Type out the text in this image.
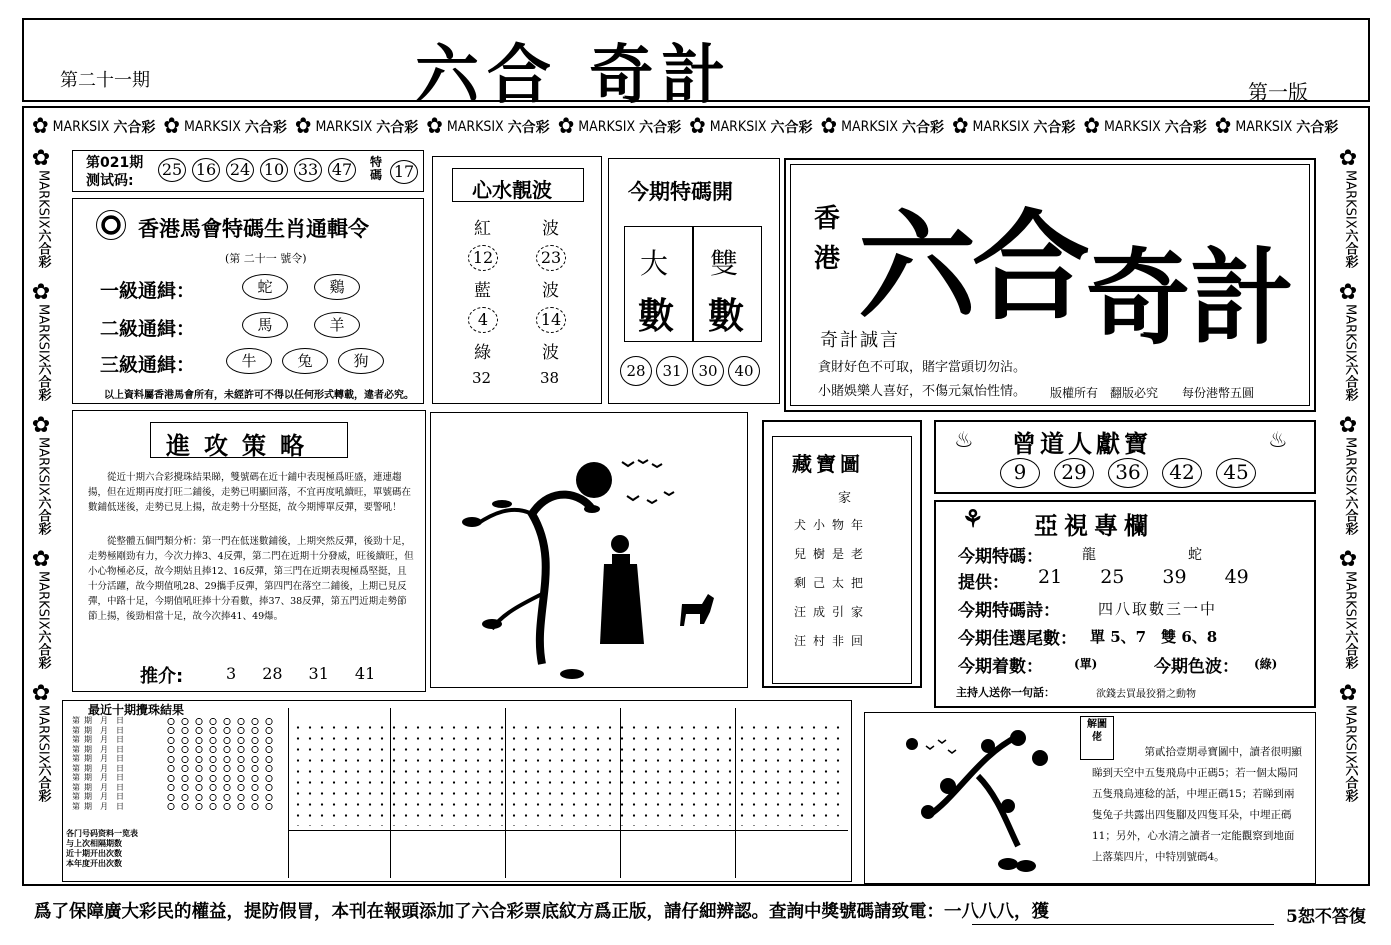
第二十一期	六合 奇計	第一版
✿ MARKSIX 六合彩 ✿ MARKSIX 六合彩 ✿ MARKSIX 六合彩 ✿ MARKSIX 六合彩 ✿ MARKSIX 六合彩 ✿ MARKSIX 六合彩 ✿ MARKSIX 六合彩 ✿ MARKSIX 六合彩 ✿ MARKSIX 六合彩 ✿ MARKSIX 六合彩
✿
MARKSIX
六合彩
✿
MARKSIX
六合彩
✿
MARKSIX
六合彩
✿
MARKSIX
六合彩
✿
MARKSIX
六合彩
✿
MARKSIX
六合彩
✿
MARKSIX
六合彩
✿
MARKSIX
六合彩
✿
MARKSIX
六合彩
✿
MARKSIX
六合彩
第021期
测试码:
25 16 24 10 33 47	特碼 17
香港馬會特碼生肖通輯令
(第 二十一 號令)
一級通緝：	蛇	鷄
二級通緝：	馬	羊
三級通緝：	牛	兔	狗
以上資料屬香港馬會所有，未經許可不得以任何形式轉載，違者必究。
心水靚波
紅	波
12	23
藍	波
4	14
綠	波
32	38
今期特碼開
大
數
雙
數
28	31	30	40
香
港 六合 奇計
奇計誠言
貪財好色不可取，賭字當頭切勿沾。
小賭娛樂人喜好，不傷元氣怡性情。 版權所有　翻版必究　　每份港幣五圓
進攻策略
從近十期六合彩攪珠結果睇，雙號碼在近十鋪中表現極爲旺盛，連連趨揚，但在近期再度打旺二鋪後，走勢已明顯回落，不宜再度吼續旺，單號碼在數鋪低迷後，走勢已見上揚，故走勢十分堅挺，故今期博單反彈，要警吼！
從整體五個門類分析：第一門在低迷數鋪後，上期突然反彈，後勁十足，走勢極剛勁有力，今次力捧3、4反彈，第二門在近期十分發威，旺後續旺，但小心物極必反，故今期姑且捧12、16反彈，第三門在近期表現極爲堅挺，且十分活躍，故今期值吼28、29攜手反彈，第四門在落空二鋪後，上期已見反彈，中路十足，今期值吼旺捧十分看數，捧37、38反彈，第五門近期走勢節節上揚，後勁相當十足，故今次捧41、49爆。
推介:	3 28 31 41
藏寶圖
家
犬小物年
兒樹是老
剩己太把
汪成引家
汪村非回
曾道人獻寶
♨	♨
9	29	36	42	45
⚘ 亞視專欄
今期特碼：	龍	蛇
提供： 21 25 39 49
今期特碼詩：	四八取數三一中
今期佳選尾數： 單 5、7　雙 6、8
今期着數：	(單)	今期色波： (綠)
主持人送你一句話：	欲錢去買最狡猾之動物
最近十期攪珠結果
第 期　月　日
第 期　月　日
第 期　月　日
第 期　月　日
第 期　月　日
第 期　月　日
第 期　月　日
第 期　月　日
第 期　月　日
第 期　月　日
各门号码资料一览表
与上次相隔期数
近十期开出次数
本年度开出次数
解圖佬
第貳拾壹期尋寶圖中，讀者很明顯睇到天空中五隻飛鳥中正碼5；若一個太陽同五隻飛鳥連稔的話，中埋正碼15；若睇到兩隻兔子共露出四隻腳及四隻耳朵，中埋正碼11；另外，心水清之讀者一定能觀察到地面上落葉四片，中特別號碼4。
爲了保障廣大彩民的權益，提防假冒，本刊在報頭添加了六合彩票底紋方爲正版，請仔細辨認。查詢中獎號碼請致電：一八八八，獲	5恕不答復
